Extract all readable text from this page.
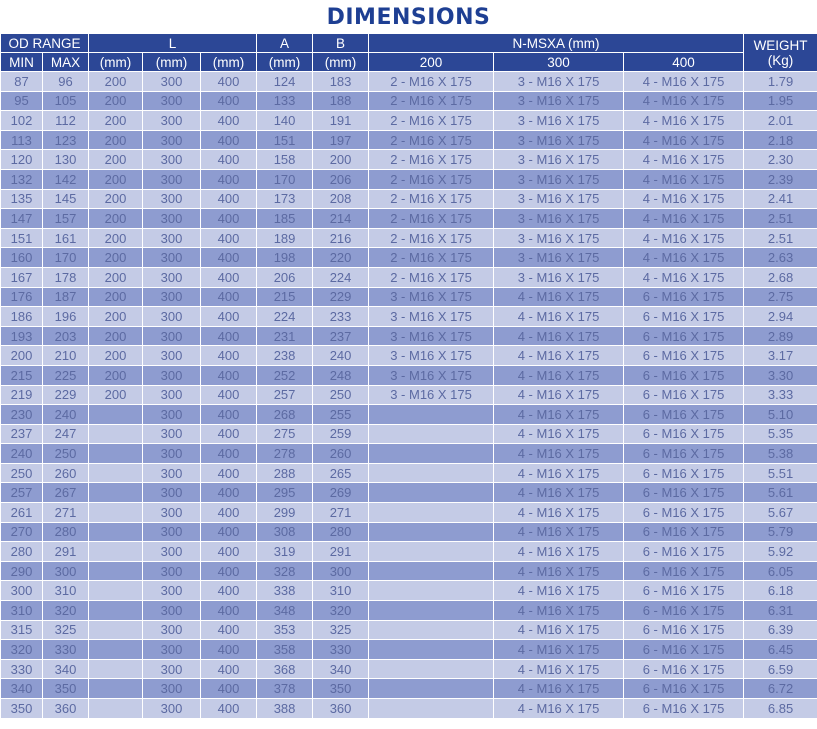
DIMENSIONS
OD RANGE		L			A	B	N-MSXA (mm)			WEIGHT
(Kg)
MIN	MAX	(mm)	(mm)	(mm)	(mm)	(mm)	200	300	400	
87	96	200	300	400	124	183	2 - M16 X 175	3 - M16 X 175	4 - M16 X 175	1.79
95	105	200	300	400	133	188	2 - M16 X 175	3 - M16 X 175	4 - M16 X 175	1.95
102	112	200	300	400	140	191	2 - M16 X 175	3 - M16 X 175	4 - M16 X 175	2.01
113	123	200	300	400	151	197	2 - M16 X 175	3 - M16 X 175	4 - M16 X 175	2.18
120	130	200	300	400	158	200	2 - M16 X 175	3 - M16 X 175	4 - M16 X 175	2.30
132	142	200	300	400	170	206	2 - M16 X 175	3 - M16 X 175	4 - M16 X 175	2.39
135	145	200	300	400	173	208	2 - M16 X 175	3 - M16 X 175	4 - M16 X 175	2.41
147	157	200	300	400	185	214	2 - M16 X 175	3 - M16 X 175	4 - M16 X 175	2.51
151	161	200	300	400	189	216	2 - M16 X 175	3 - M16 X 175	4 - M16 X 175	2.51
160	170	200	300	400	198	220	2 - M16 X 175	3 - M16 X 175	4 - M16 X 175	2.63
167	178	200	300	400	206	224	2 - M16 X 175	3 - M16 X 175	4 - M16 X 175	2.68
176	187	200	300	400	215	229	3 - M16 X 175	4 - M16 X 175	6 - M16 X 175	2.75
186	196	200	300	400	224	233	3 - M16 X 175	4 - M16 X 175	6 - M16 X 175	2.94
193	203	200	300	400	231	237	3 - M16 X 175	4 - M16 X 175	6 - M16 X 175	2.89
200	210	200	300	400	238	240	3 - M16 X 175	4 - M16 X 175	6 - M16 X 175	3.17
215	225	200	300	400	252	248	3 - M16 X 175	4 - M16 X 175	6 - M16 X 175	3.30
219	229	200	300	400	257	250	3 - M16 X 175	4 - M16 X 175	6 - M16 X 175	3.33
230	240		300	400	268	255		4 - M16 X 175	6 - M16 X 175	5.10
237	247		300	400	275	259		4 - M16 X 175	6 - M16 X 175	5.35
240	250		300	400	278	260		4 - M16 X 175	6 - M16 X 175	5.38
250	260		300	400	288	265		4 - M16 X 175	6 - M16 X 175	5.51
257	267		300	400	295	269		4 - M16 X 175	6 - M16 X 175	5.61
261	271		300	400	299	271		4 - M16 X 175	6 - M16 X 175	5.67
270	280		300	400	308	280		4 - M16 X 175	6 - M16 X 175	5.79
280	291		300	400	319	291		4 - M16 X 175	6 - M16 X 175	5.92
290	300		300	400	328	300		4 - M16 X 175	6 - M16 X 175	6.05
300	310		300	400	338	310		4 - M16 X 175	6 - M16 X 175	6.18
310	320		300	400	348	320		4 - M16 X 175	6 - M16 X 175	6.31
315	325		300	400	353	325		4 - M16 X 175	6 - M16 X 175	6.39
320	330		300	400	358	330		4 - M16 X 175	6 - M16 X 175	6.45
330	340		300	400	368	340		4 - M16 X 175	6 - M16 X 175	6.59
340	350		300	400	378	350		4 - M16 X 175	6 - M16 X 175	6.72
350	360		300	400	388	360		4 - M16 X 175	6 - M16 X 175	6.85
